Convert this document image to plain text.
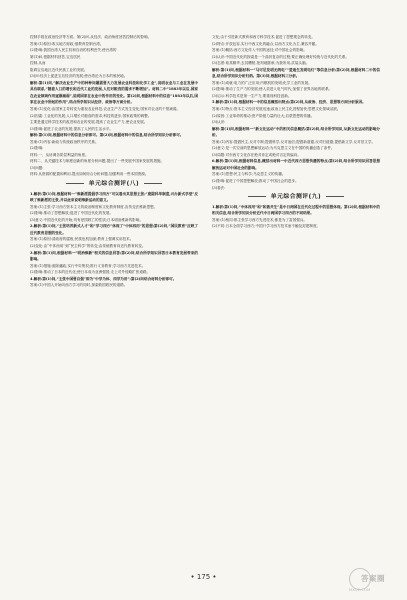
控制手段在政治经济等方面。第(2)问,从经济、政治角度回答控制后的影响。

答案:(1)原因:收买地方财政;借教育控制台湾。

(2)影响:我国台湾人民主权和自治的权利丧失,使台湾的

第(1)问,根据材料回答,宝岛居民

控制,从而

阻碍宝岛地区近代民族工业的发展。

(3)问:经济上促进宝岛经济的发展;使台湾沦为日本的殖民地。

解析:第(1)问,“解决农业生产中的种种问题需要大力发展农业科技和化学工业”,说明农业与工业在发展中具有联系,“随着人口的增长和近代工业的发展,人们对粮食的需求不断增加”。材料二中“1883年以后,国家在农业领域作用逐渐减弱”,说明国家在农业中的作用的变化。第(2)问,根据材料中的信息“1883年以后,国家在农业中所起的作用”,结合所学知识从经济、政治等方面分析。

答案:(1)变化:由国家主导转变为重视农业科技,农业生产方式发生变化;国家对农业的干预减弱。

(2)因素:工业化的发展;人口增长对粮食的需求;科技的进步;国家政策的调整。

主要是通过科学技术的改进和农业的发展,提高了农业生产力,使农业发展。

(3)影响:促进了农业的发展;提高了人民的生活水平。

解析:第(1)问,根据材料中的信息分析即可。第(2)问,根据材料中的信息,结合所学知识分析即可。

答案:(1)内容:新政与传统政治秩序的关系。

(2)影响:

材料:一、从协调各阶层利益的角度。

材料二、从关键技术与制度创新的角度分析问题,提出了一些发展中国家发展的措施。

(3)问题:

材料:从资源的配置和利用,提出如何综合分析问题,加强利用一些本国资源。

单元综合测评(八)

1.解析:第(1)问,根据材料一“维新派提倡学习西方”可以看出其思想主张;“废除科举制度,兴办新式学堂”反映了维新派的主张,并以此来说明维新运动的意义。

答案:(1)主张:学习西方资本主义的政治制度和文化教育制度,宣传变法维新思想。

(2)影响:推动了思想解放;促进了中国近代化的发展。

(3)意义:中国近代化的开始;具有爱国救亡的性质;日本明治维新的影响。

2.解析:第(1)问,“主张培养新式人才”和“学习西方”体现了“中体西用”的思想;第(2)问,“国民教育”反映了近代教育思想的变化。

答案:(1)原因:清政府的腐败;民族危机加深;教育上强调实用技术。

(2)变化:由“中体西用”到“民主科学”的转变;由传统教育向近代教育转变。

3.解析:第(1)问,根据材料一“明治维新”相关的信息回答;第(2)问,结合所学知识回答日本教育发展带来的影响。

答案:(1)措施:废除藩政,实行中央集权;推行义务教育;学习西方先进技术。

(2)影响:推动了日本的近代化;使日本成为亚洲强国;走上对外侵略扩张道路。

4.解析:第(1)问,“主张中国要自强”即为“中学为体、西学为用”;第(2)问结合材料分析即可。

答案:(1)中国人开始向西方学习的同时,探索救国救民的道路。

文化;由于引进新式教育和西方科学技术,促进了思想观念的转变。

(2)特点:开放包容,实行中西文化的融合;以西方文化为主,兼容并蓄。

答案:(1)概括:西方文化传入中国的途径;对中国社会的影响。

(2)认识:中国近代化的探索是一个曲折复杂的过程;要正确处理好传统与近代化的关系。

(3)态度:取其精华,去其糟粕,批判地继承;为我所用,武装头脑。

解析:第(1)问,根据材料一“马可尼发明无线电”“爱迪生发明电灯”等信息分析;第(2)问,根据材料二中的信息,结合所学知识分析归纳。第(3)问,根据材料三分析。

答案:(1)成就:电力的广泛应用;内燃机的发明;化学工业的发展。

(2)影响:推动了生产力的发展;使人类进入电气时代;加强了世界各地的联系。

(3)启示:科学技术是第一生产力;要重视科技创新。

5.解析:第(1)问,根据材料一中的信息概括出特点;第(2)问,从政治、经济、思想等方面分析原因。

答案:(1)特点:资本主义经济发展迅速;政治上民主化进程加快;思想文化领域活跃。

(2)原因:工业革命的推动;资产阶级力量的壮大;启蒙思想的传播。

(3)认识:

解析:第(1)问,根据材料一“新文化运动”中的相关信息概括;第(2)问,结合所学知识,从新文化运动的影响分析。

答案:(1)内容:提倡民主,反对专制;提倡科学,反对迷信;提倡新道德,反对旧道德;提倡新文学,反对旧文学。

(2)意义:是一次空前的思想解放运动;为马克思主义在中国的传播创造了条件。

(3)局限:对东西方文化存在绝对肯定或绝对否定的偏向。

6.解析:第(1)问,根据材料信息,概括出材料一中近代西方思想传播的特点;第(2)问,结合所学知识回答思想解放运动对中国社会的影响。

答案:(1)思想:民主与科学;马克思主义的传播。

(2)影响:促进了中国思想解放;推动了中国社会的进步。

(3)看法:

单元综合测评(九)

1.解析:第(1)问,“中体西用”和“和谐共生”是中日两国在近代化过程中的思想体现。第(2)问,根据材料中的相关信息,结合所学知识分析近代中日两国学习西方的不同结果。

答案:(1)相同:都主张学习西方先进技术;都是为了富国强兵。

(2)不同:日本全面学习西方;中国只学习西方技术而不触及封建制度。

• 175 •	答案圈
MXQE.COM
